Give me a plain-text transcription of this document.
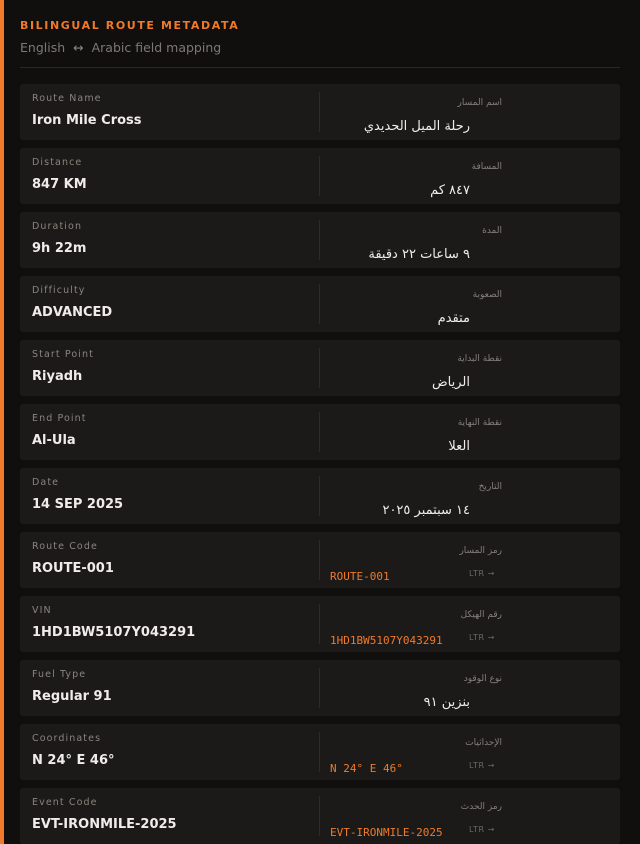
BILINGUAL ROUTE METADATA
English ↔ Arabic field mapping
Route Name
Iron Mile Cross
اسم المسار
رحلة الميل الحديدي
Distance
847 KM
المسافة
٨٤٧ كم
Duration
9h 22m
المدة
٩ ساعات ٢٢ دقيقة
Difficulty
ADVANCED
الصعوبة
متقدم
Start Point
Riyadh
نقطة البداية
الرياض
End Point
Al-Ula
نقطة النهاية
العلا
Date
14 SEP 2025
التاريخ
١٤ سبتمبر ٢٠٢٥
Route Code
ROUTE-001
رمز المسار
ROUTE-001	LTR →
VIN
1HD1BW5107Y043291
رقم الهيكل
1HD1BW5107Y043291	LTR →
Fuel Type
Regular 91
نوع الوقود
بنزين ٩١
Coordinates
N 24° E 46°
الإحداثيات
N 24° E 46°	LTR →
Event Code
EVT-IRONMILE-2025
رمز الحدث
EVT-IRONMILE-2025	LTR →
